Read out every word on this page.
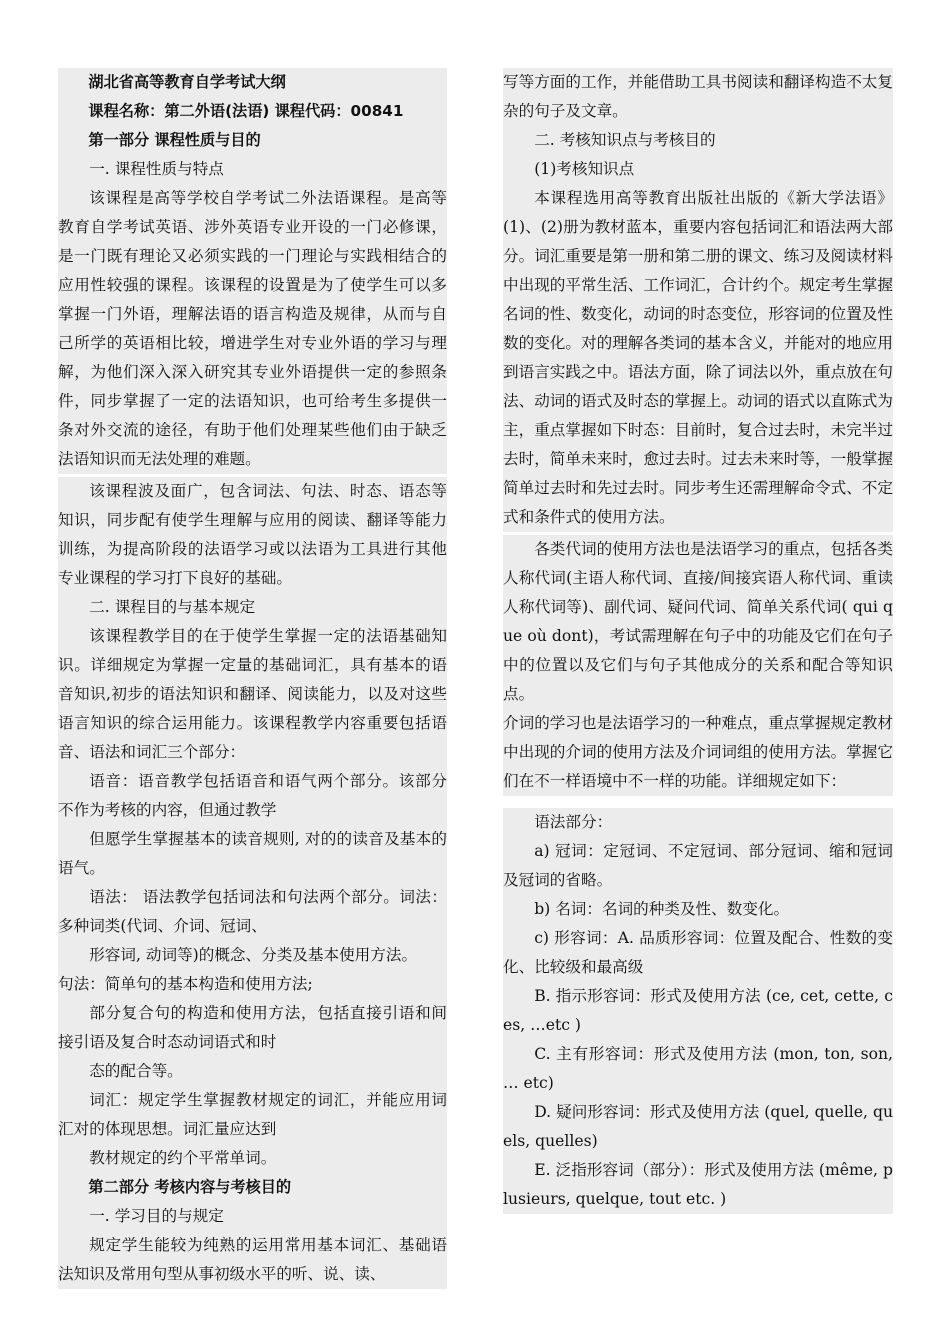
湖北省高等教育自学考试大纲

课程名称：第二外语(法语) 课程代码：00841

第一部分 课程性质与目的

一. 课程性质与特点

该课程是高等学校自学考试二外法语课程。是高等教育自学考试英语、涉外英语专业开设的一门必修课，是一门既有理论又必须实践的一门理论与实践相结合的应用性较强的课程。该课程的设置是为了使学生可以多掌握一门外语，理解法语的语言构造及规律，从而与自己所学的英语相比较，增进学生对专业外语的学习与理解，为他们深入深入研究其专业外语提供一定的参照条件，同步掌握了一定的法语知识，也可给考生多提供一条对外交流的途径，有助于他们处理某些他们由于缺乏法语知识而无法处理的难题。

该课程波及面广，包含词法、句法、时态、语态等知识，同步配有使学生理解与应用的阅读、翻译等能力训练，为提高阶段的法语学习或以法语为工具进行其他专业课程的学习打下良好的基础。

二. 课程目的与基本规定

该课程教学目的在于使学生掌握一定的法语基础知识。详细规定为掌握一定量的基础词汇，具有基本的语音知识,初步的语法知识和翻译、阅读能力，以及对这些语言知识的综合运用能力。该课程教学内容重要包括语音、语法和词汇三个部分：

语音：语音教学包括语音和语气两个部分。该部分不作为考核的内容，但通过教学

但愿学生掌握基本的读音规则, 对的的读音及基本的语气。

语法： 语法教学包括词法和句法两个部分。词法：多种词类(代词、介词、冠词、

形容词, 动词等)的概念、分类及基本使用方法。

句法：简单句的基本构造和使用方法;

部分复合句的构造和使用方法，包括直接引语和间接引语及复合时态动词语式和时

态的配合等。

词汇：规定学生掌握教材规定的词汇，并能应用词汇对的体现思想。词汇量应达到

教材规定的约个平常单词。

第二部分 考核内容与考核目的

一. 学习目的与规定

规定学生能较为纯熟的运用常用基本词汇、基础语法知识及常用句型从事初级水平的听、说、读、

写等方面的工作，并能借助工具书阅读和翻译构造不太复杂的句子及文章。

二. 考核知识点与考核目的

(1)考核知识点

本课程选用高等教育出版社出版的《新大学法语》(1)、(2)册为教材蓝本，重要内容包括词汇和语法两大部分。词汇重要是第一册和第二册的课文、练习及阅读材料中出现的平常生活、工作词汇，合计约个。规定考生掌握名词的性、数变化，动词的时态变位，形容词的位置及性数的变化。对的理解各类词的基本含义，并能对的地应用到语言实践之中。语法方面，除了词法以外，重点放在句法、动词的语式及时态的掌握上。动词的语式以直陈式为主，重点掌握如下时态：目前时，复合过去时，未完半过去时，简单未来时，愈过去时。过去未来时等，一般掌握简单过去时和先过去时。同步考生还需理解命令式、不定式和条件式的使用方法。

各类代词的使用方法也是法语学习的重点，包括各类人称代词(主语人称代词、直接/间接宾语人称代词、重读人称代词等)、副代词、疑问代词、简单关系代词( qui que où dont)，考试需理解在句子中的功能及它们在句子中的位置以及它们与句子其他成分的关系和配合等知识点。

介词的学习也是法语学习的一种难点，重点掌握规定教材中出现的介词的使用方法及介词词组的使用方法。掌握它们在不一样语境中不一样的功能。详细规定如下：

语法部分：

a) 冠词：定冠词、不定冠词、部分冠词、缩和冠词及冠词的省略。

b) 名词：名词的种类及性、数变化。

c) 形容词：A. 品质形容词：位置及配合、性数的变化、比较级和最高级

B. 指示形容词：形式及使用方法 (ce, cet, cette, ces, …etc )

C. 主有形容词：形式及使用方法 (mon, ton, son, … etc)

D. 疑问形容词：形式及使用方法 (quel, quelle, quels, quelles)

E. 泛指形容词（部分）：形式及使用方法 (même, plusieurs, quelque, tout etc. )
